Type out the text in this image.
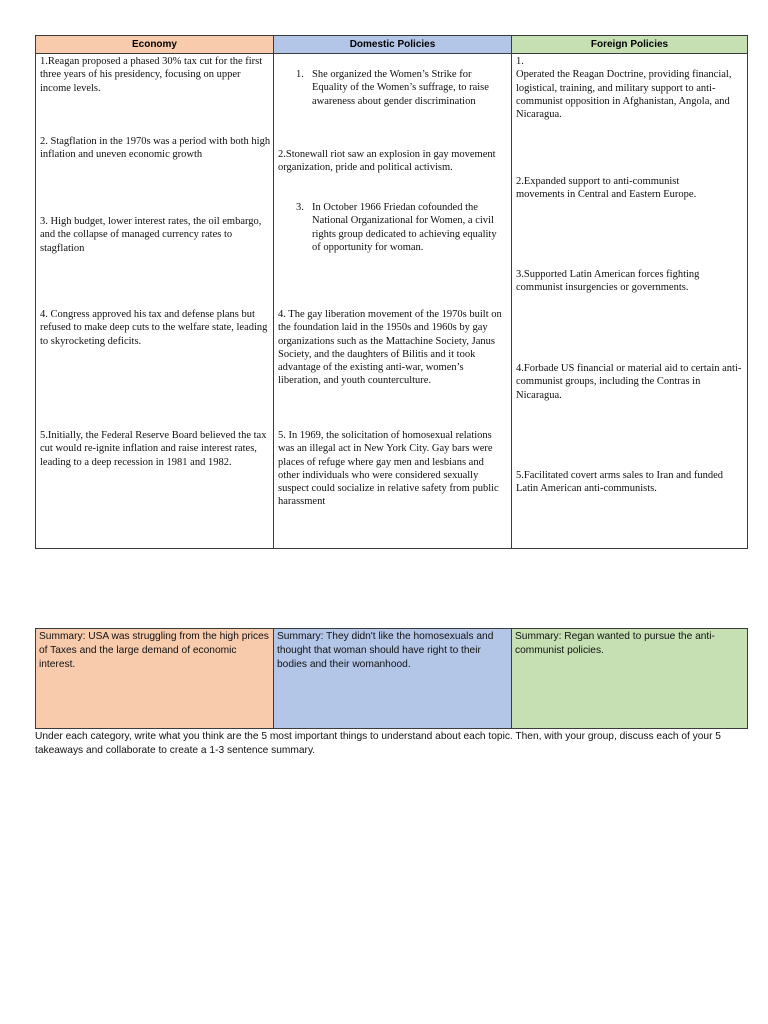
Economy	Domestic Policies	Foreign Policies
1.Reagan proposed a phased 30% tax cut for the first three years of his presidency, focusing on upper income levels.
2. Stagflation in the 1970s was a period with both high inflation and uneven economic growth
3. High budget, lower interest rates, the oil embargo, and the collapse of managed currency rates to stagflation
4. Congress approved his tax and defense plans but refused to make deep cuts to the welfare state, leading to skyrocketing deficits.
5.Initially, the Federal Reserve Board believed the tax cut would re-ignite inflation and raise interest rates, leading to a deep recession in 1981 and 1982.
1. She organized the Women’s Strike for Equality of the Women’s suffrage, to raise awareness about gender discrimination
2.Stonewall riot saw an explosion in gay movement organization, pride and political activism.
3. In October 1966 Friedan cofounded the National Organizational for Women, a civil rights group dedicated to achieving equality of opportunity for woman.
4. The gay liberation movement of the 1970s built on the foundation laid in the 1950s and 1960s by gay organizations such as the Mattachine Society, Janus Society, and the daughters of Bilitis and it took advantage of the existing anti-war, women’s liberation, and youth counterculture.
5. In 1969, the solicitation of homosexual relations was an illegal act in New York City. Gay bars were places of refuge where gay men and lesbians and other individuals who were considered sexually suspect could socialize in relative safety from public harassment
1.
Operated the Reagan Doctrine, providing financial, logistical, training, and military support to anti-communist opposition in Afghanistan, Angola, and Nicaragua.
2.Expanded support to anti-communist movements in Central and Eastern Europe.
3.Supported Latin American forces fighting communist insurgencies or governments.
4.Forbade US financial or material aid to certain anti-communist groups, including the Contras in Nicaragua.
5.Facilitated covert arms sales to Iran and funded Latin American anti-communists.
Summary: USA was struggling from the high prices of Taxes and the large demand of economic interest.
Summary: They didn't like the homosexuals and thought that woman should have right to their bodies and their womanhood.
Summary: Regan wanted to pursue the anti-communist policies.
Under each category, write what you think are the 5 most important things to understand about each topic. Then, with your group, discuss each of your 5 takeaways and collaborate to create a 1-3 sentence summary.
